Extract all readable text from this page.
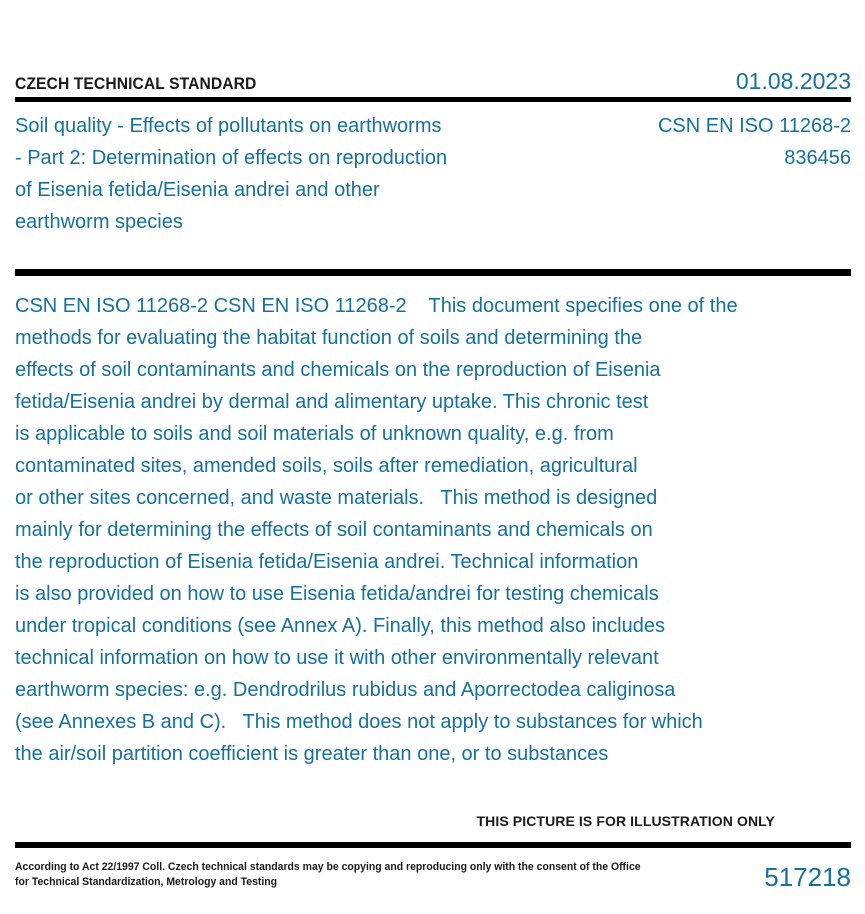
CZECH TECHNICAL STANDARD	01.08.2023
Soil quality - Effects of pollutants on earthworms
- Part 2: Determination of effects on reproduction
of Eisenia fetida/Eisenia andrei and other
earthworm species
CSN EN ISO 11268-2
836456
CSN EN ISO 11268-2 CSN EN ISO 11268-2    This document specifies one of the
methods for evaluating the habitat function of soils and determining the
effects of soil contaminants and chemicals on the reproduction of Eisenia
fetida/Eisenia andrei by dermal and alimentary uptake. This chronic test
is applicable to soils and soil materials of unknown quality, e.g. from
contaminated sites, amended soils, soils after remediation, agricultural
or other sites concerned, and waste materials.   This method is designed
mainly for determining the effects of soil contaminants and chemicals on
the reproduction of Eisenia fetida/Eisenia andrei. Technical information
is also provided on how to use Eisenia fetida/andrei for testing chemicals
under tropical conditions (see Annex A). Finally, this method also includes
technical information on how to use it with other environmentally relevant
earthworm species: e.g. Dendrodrilus rubidus and Aporrectodea caliginosa
(see Annexes B and C).   This method does not apply to substances for which
the air/soil partition coefficient is greater than one, or to substances
THIS PICTURE IS FOR ILLUSTRATION ONLY
According to Act 22/1997 Coll. Czech technical standards may be copying and reproducing only with the consent of the Office
for Technical Standardization, Metrology and Testing	517218
